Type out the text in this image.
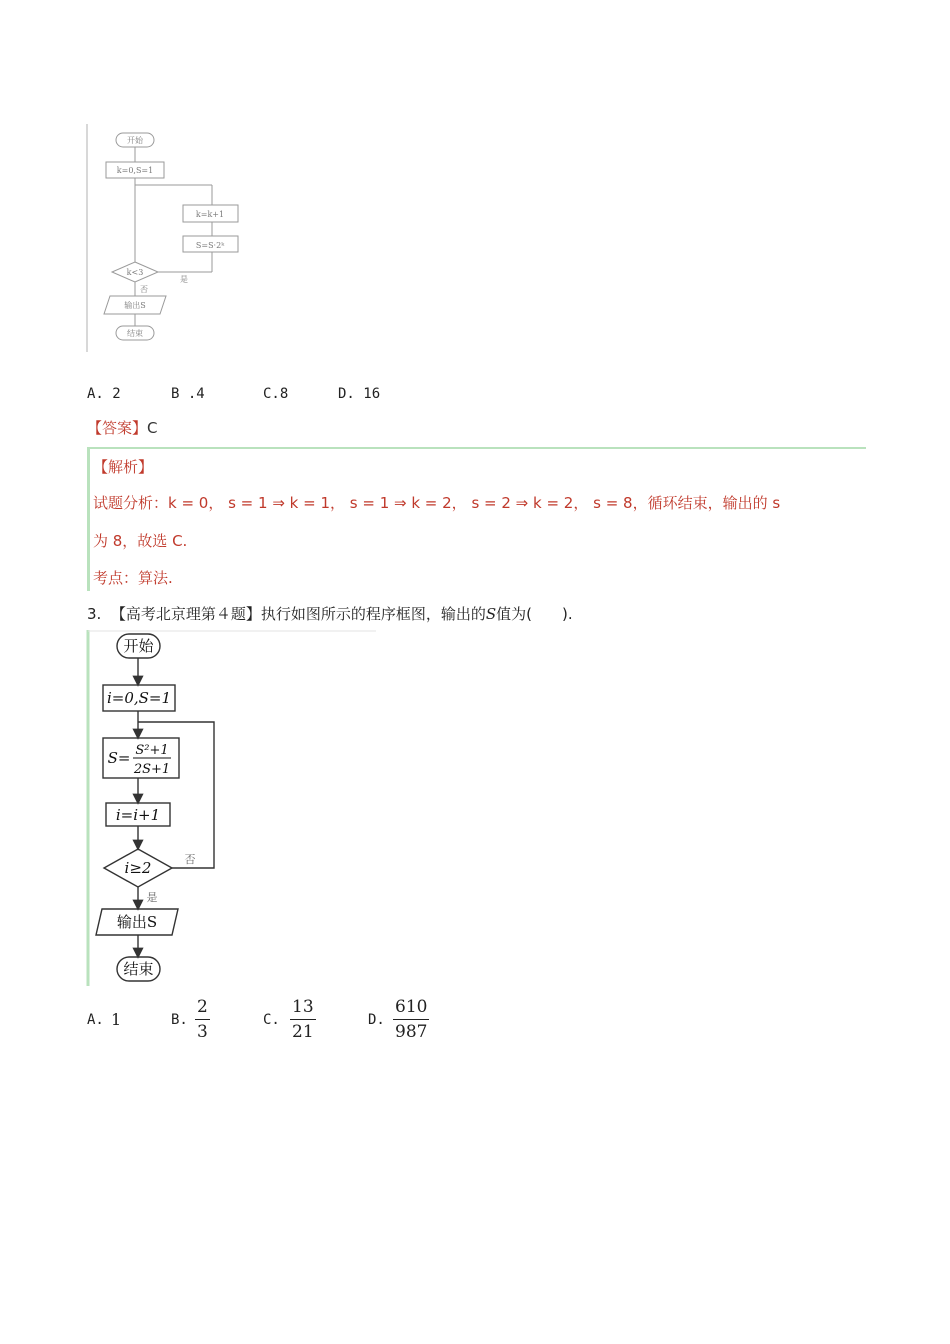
开始
k=0,S=1
k=k+1
S=S·2ᵏ
k<3
是
否
输出S
结束
A. 2	B .4	C.8	D. 16
【答案】C
【解析】
试题分析：k = 0， s = 1 ⇒ k = 1， s = 1 ⇒ k = 2， s = 2 ⇒ k = 2， s = 8，循环结束，输出的 s
为 8，故选 C.
考点：算法.
3. 【高考北京理第４题】执行如图所示的程序框图，输出的S值为(　　).
开始
i=0,S=1
S= S²+1
2S+1
i=i+1
i≥2	否
是
输出S
结束
A. 1	B.
2
3
C.
13
21
D.
610
987
